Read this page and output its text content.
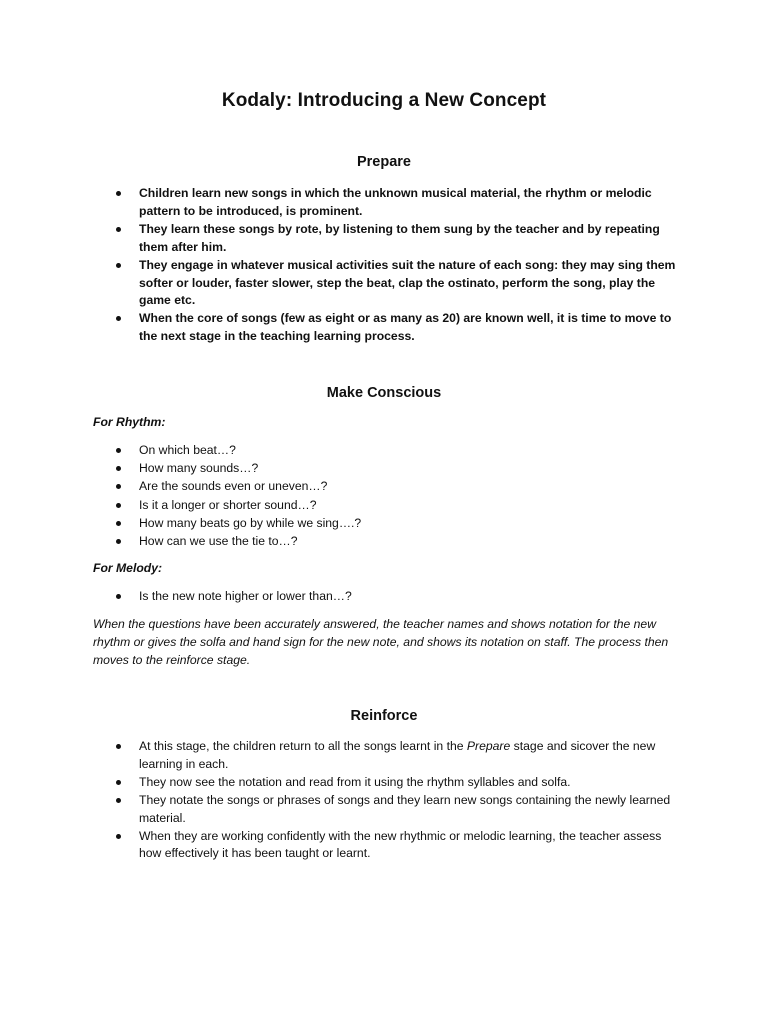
Kodaly: Introducing a New Concept
Prepare
Children learn new songs in which the unknown musical material, the rhythm or melodic pattern to be introduced, is prominent.
They learn these songs by rote, by listening to them sung by the teacher and by repeating them after him.
They engage in whatever musical activities suit the nature of each song: they may sing them softer or louder, faster slower, step the beat, clap the ostinato, perform the song, play the game etc.
When the core of songs (few as eight or as many as 20) are known well, it is time to move to the next stage in the teaching learning process.
Make Conscious
For Rhythm:
On which beat…?
How many sounds…?
Are the sounds even or uneven…?
Is it a longer or shorter sound…?
How many beats go by while we sing….?
How can we use the tie to…?
For Melody:
Is the new note higher or lower than…?
When the questions have been accurately answered, the teacher names and shows notation for the new rhythm or gives the solfa and hand sign for the new note, and shows its notation on staff. The process then moves to the reinforce stage.
Reinforce
At this stage, the children return to all the songs learnt in the Prepare stage and sicover the new learning in each.
They now see the notation and read from it using the rhythm syllables and solfa.
They notate the songs or phrases of songs and they learn new songs containing the newly learned material.
When they are working confidently with the new rhythmic or melodic learning, the teacher assess how effectively it has been taught or learnt.
